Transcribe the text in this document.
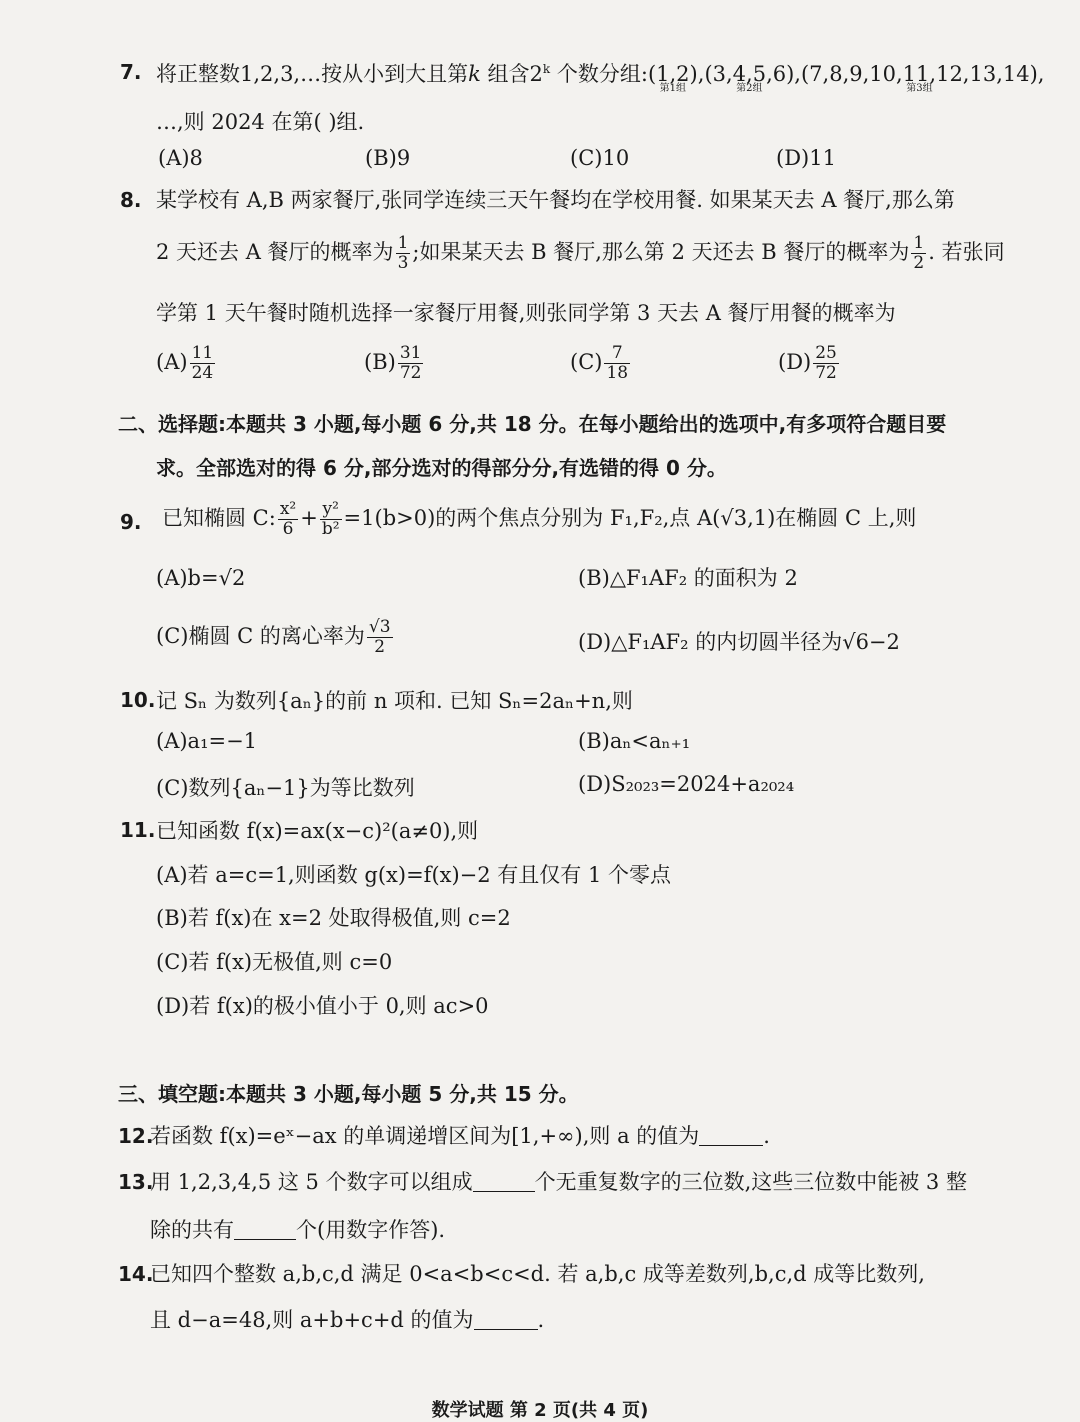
7. 将正整数1,2,3,…按从小到大且第k 组含2$^k$ 个数分组:(1,2)
第1组
,(3,4,5,6)
第2组
,(7,8,9,10,11,12,13,14)
第3组
,
…,则 2024 在第( )组.
(A)8	(B)9	(C)10	(D)11
8. 某学校有 A,B 两家餐厅,张同学连续三天午餐均在学校用餐. 如果某天去 A 餐厅,那么第
2 天还去 A 餐厅的概率为 $\frac{1}{3}$ ;如果某天去 B 餐厅,那么第 2 天还去 B 餐厅的概率为 $\frac{1}{2}$ . 若张同
学第 1 天午餐时随机选择一家餐厅用餐,则张同学第 3 天去 A 餐厅用餐的概率为
$(A) \frac{11}{24}$	$(B) \frac{31}{72}$	$(C) \frac{7}{18}$	$(D) \frac{25}{72}$
二、选择题:本题共 3 小题,每小题 6 分,共 18 分。在每小题给出的选项中,有多项符合题目要
求。全部选对的得 6 分,部分选对的得部分分,有选错的得 0 分。
9. 已知椭圆 C: $\frac{\text{x²}}{6} + \frac{\text{y²}}{\text{b²}} =1(b>0)$的两个焦点分别为 F₁,F₂,点 A(√3,1)在椭圆 C 上,则
(A)b=√2	(B)△F₁AF₂ 的面积为 2
(C)椭圆 C 的离心率为 $\frac{√3}{2}$	(D)△F₁AF₂ 的内切圆半径为√6−2
10. 记 Sₙ 为数列{aₙ}的前 n 项和. 已知 Sₙ=2aₙ+n,则
(A)a₁=−1	(B)aₙ<aₙ₊₁
(C)数列{aₙ−1}为等比数列	(D)S₂₀₂₃=2024+a₂₀₂₄
11. 已知函数 f(x)=ax(x−c)²(a≠0),则
(A)若 a=c=1,则函数 g(x)=f(x)−2 有且仅有 1 个零点
(B)若 f(x)在 x=2 处取得极值,则 c=2
(C)若 f(x)无极值,则 c=0
(D)若 f(x)的极小值小于 0,则 ac>0
三、填空题:本题共 3 小题,每小题 5 分,共 15 分。
12.
若函数 f(x)=eˣ−ax 的单调递增区间为[1,+∞),则 a 的值为	.
13.
用 1,2,3,4,5 这 5 个数字可以组成	个无重复数字的三位数,这些三位数中能被 3 整
除的共有	个(用数字作答).
14.
已知四个整数 a,b,c,d 满足 0<a<b<c<d. 若 a,b,c 成等差数列,b,c,d 成等比数列,
且 d−a=48,则 a+b+c+d 的值为	.
数学试题 第 2 页(共 4 页)
